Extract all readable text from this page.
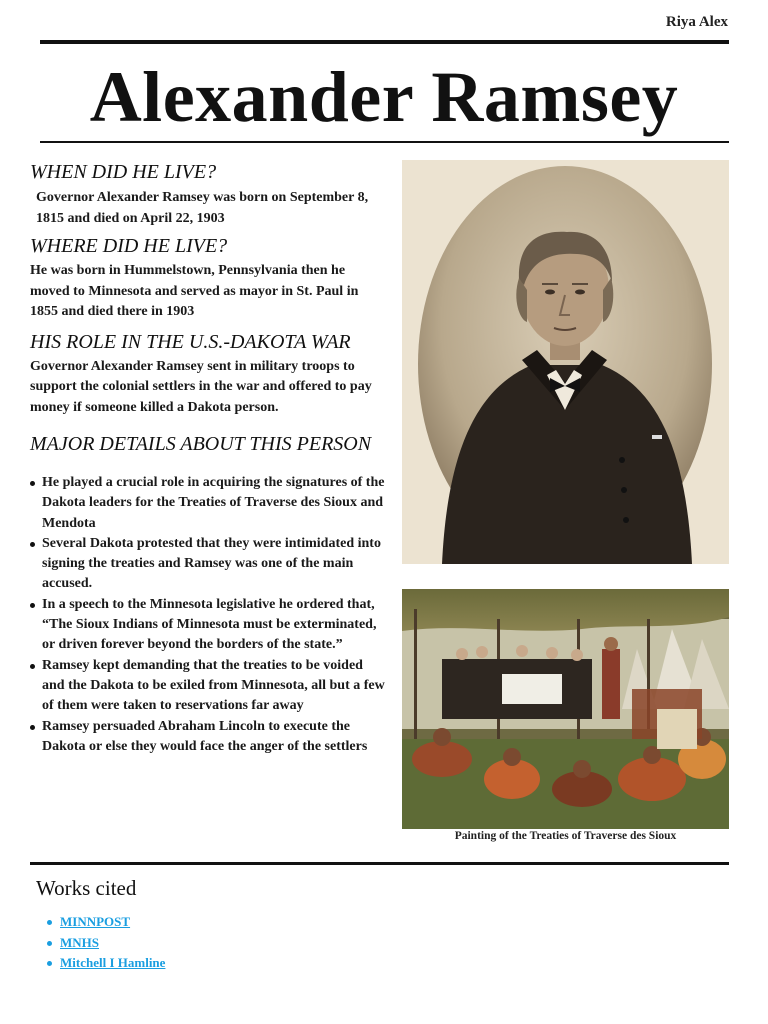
Riya Alex
Alexander Ramsey
WHEN DID HE LIVE?

Governor Alexander Ramsey was born on September 8, 1815 and died on April 22, 1903

WHERE DID HE LIVE?

He was born in Hummelstown, Pennsylvania then he moved to Minnesota and served as mayor in St. Paul in 1855 and died there in 1903

HIS ROLE IN THE U.S.-DAKOTA WAR

Governor Alexander Ramsey sent in military troops to support the colonial settlers in the war and offered to pay money if someone killed a Dakota person.

MAJOR DETAILS ABOUT THIS PERSON
He played a crucial role in acquiring the signatures of the Dakota leaders for the Treaties of Traverse des Sioux and Mendota
Several Dakota protested that they were intimidated into signing the treaties and Ramsey was one of the main accused.
In a speech to the Minnesota legislative he ordered that, “The Sioux Indians of Minnesota must be exterminated, or driven forever beyond the borders of the state.”
Ramsey kept demanding that the treaties to be voided and the Dakota to be exiled from Minnesota, all but a few of them were taken to reservations far away
Ramsey persuaded Abraham Lincoln to execute the Dakota or else they would face the anger of the settlers
Painting of the Treaties of Traverse des Sioux
Works cited
MINNPOST
MNHS
Mitchell I Hamline
